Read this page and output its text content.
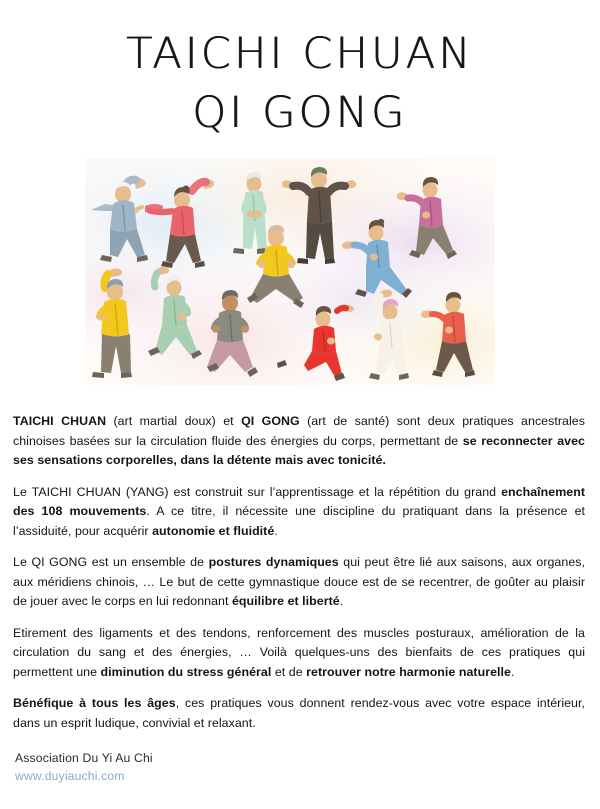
TAICHI CHUAN
QI GONG

TAICHI CHUAN (art martial doux) et QI GONG (art de santé) sont deux pratiques ancestrales chinoises basées sur la circulation fluide des énergies du corps, permettant de se reconnecter avec ses sensations corporelles, dans la détente mais avec tonicité.

Le TAICHI CHUAN (YANG) est construit sur l’apprentissage et la répétition du grand enchaînement des 108 mouvements. A ce titre, il nécessite une discipline du pratiquant dans la présence et l’assiduité, pour acquérir autonomie et fluidité.

Le QI GONG est un ensemble de postures dynamiques qui peut être lié aux saisons, aux organes, aux méridiens chinois, … Le but de cette gymnastique douce est de se recentrer, de goûter au plaisir de jouer avec le corps en lui redonnant équilibre et liberté.

Etirement des ligaments et des tendons, renforcement des muscles posturaux, amélioration de la circulation du sang et des énergies, … Voilà quelques-uns des bienfaits de ces pratiques qui permettent une diminution du stress général et de retrouver notre harmonie naturelle.

Bénéfique à tous les âges, ces pratiques vous donnent rendez-vous avec votre espace intérieur, dans un esprit ludique, convivial et relaxant.

Association Du Yi Au Chi
www.duyiauchi.com
